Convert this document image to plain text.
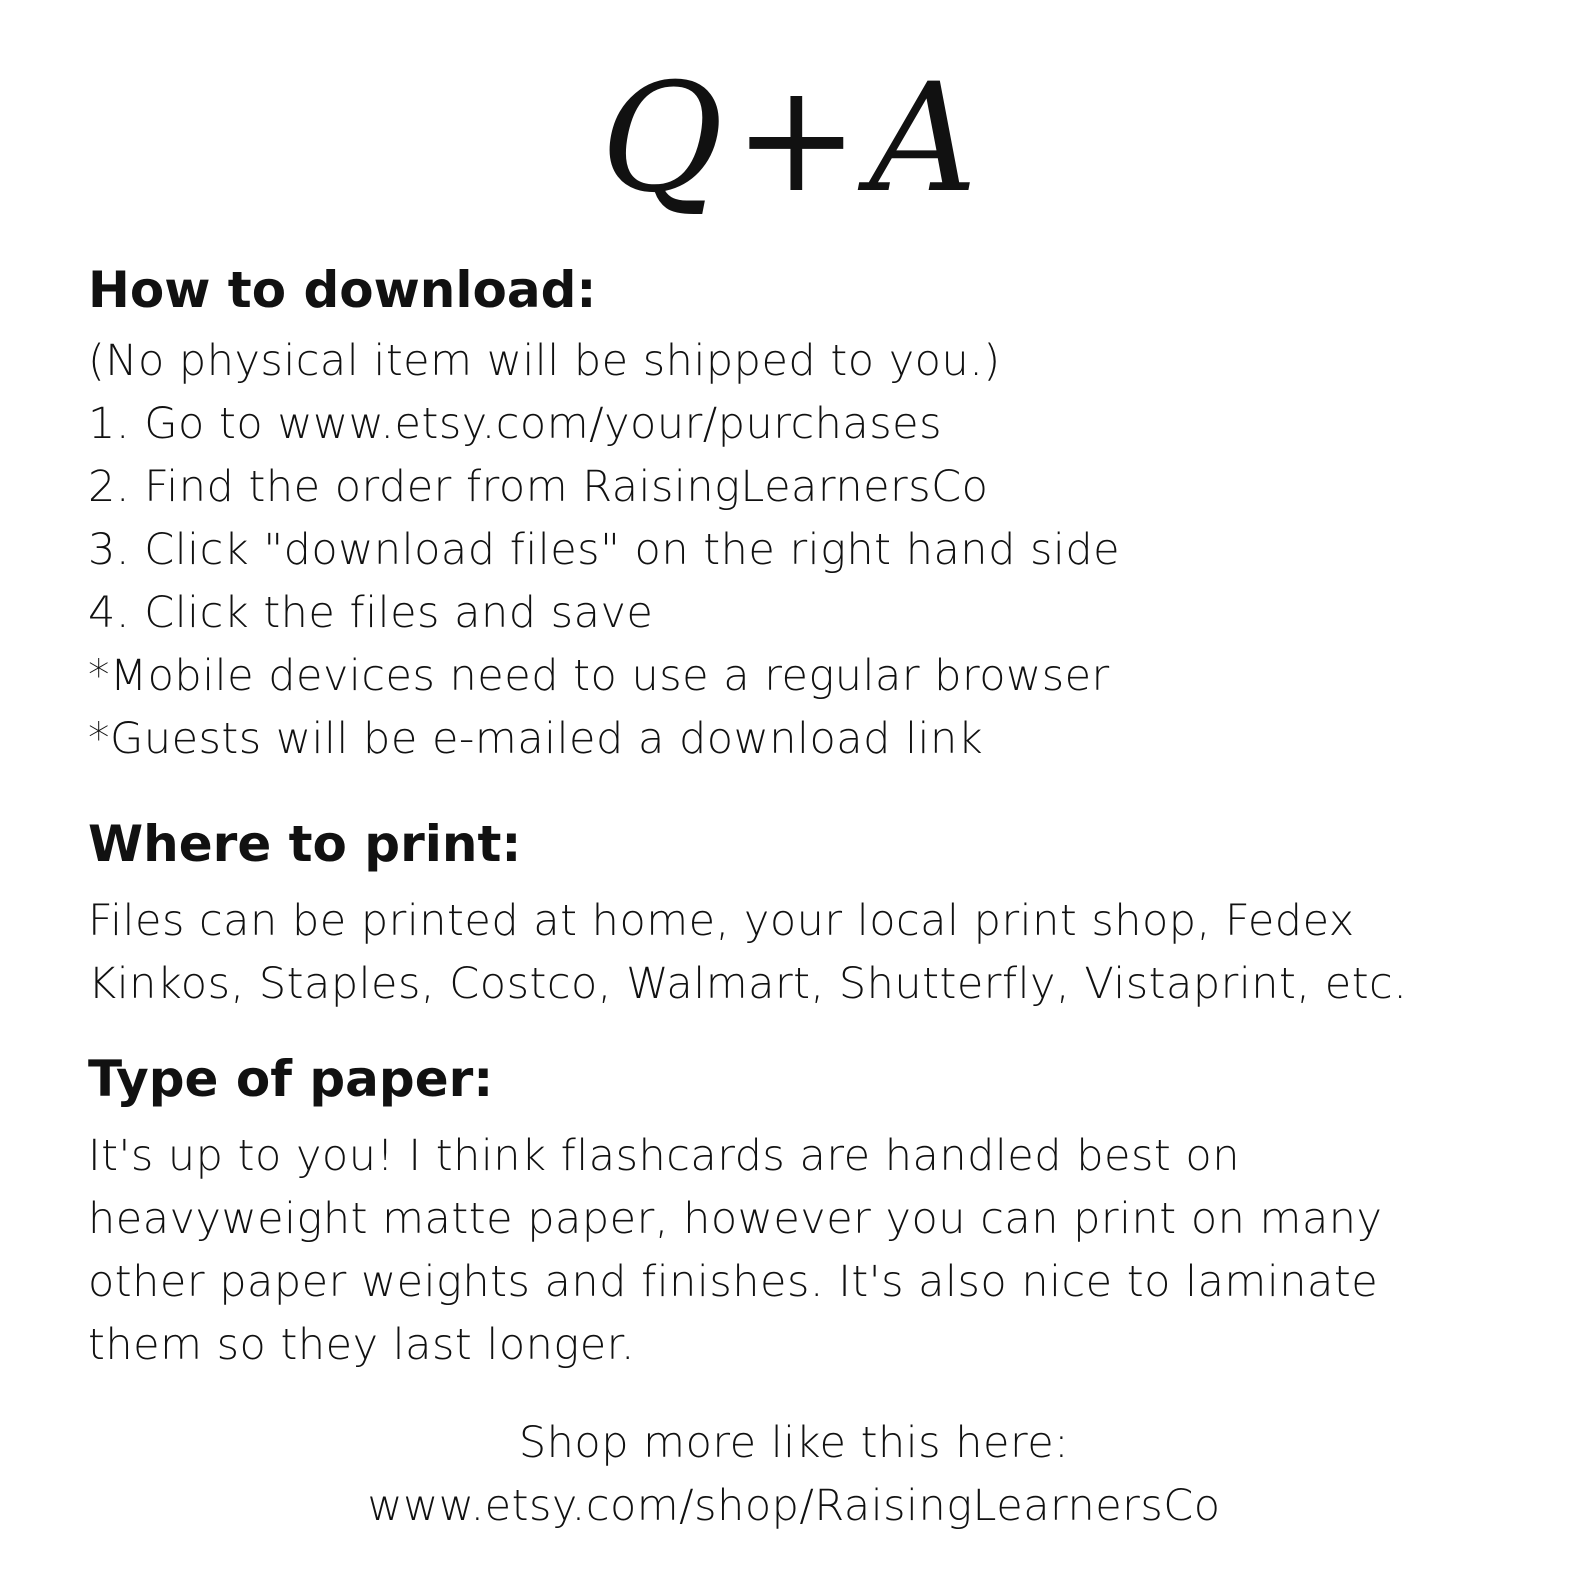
Q+A
How to download:
(No physical item will be shipped to you.)
1. Go to www.etsy.com/your/purchases
2. Find the order from RaisingLearnersCo
3. Click "download files" on the right hand side
4. Click the files and save
*Mobile devices need to use a regular browser
*Guests will be e-mailed a download link
Where to print:
Files can be printed at home, your local print shop, Fedex
Kinkos, Staples, Costco, Walmart, Shutterfly, Vistaprint, etc.
Type of paper:
It's up to you! I think flashcards are handled best on
heavyweight matte paper, however you can print on many
other paper weights and finishes. It's also nice to laminate
them so they last longer.
Shop more like this here:
www.etsy.com/shop/RaisingLearnersCo
